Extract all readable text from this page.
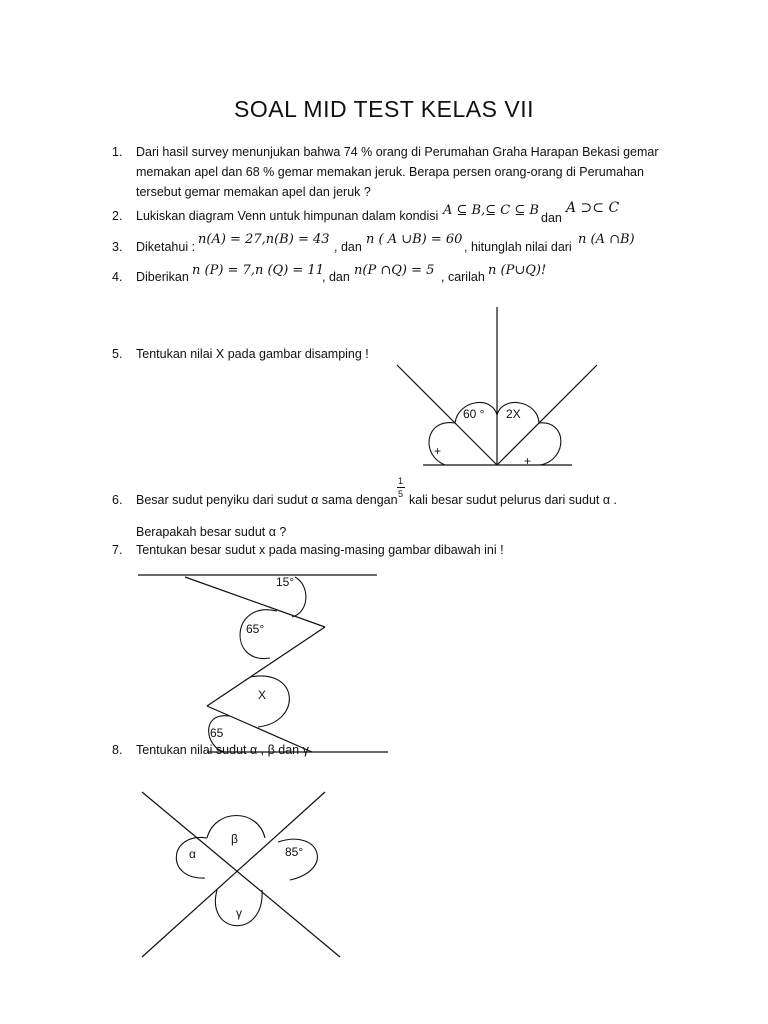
SOAL MID TEST KELAS VII
1. Dari hasil survey menunjukan bahwa 74 % orang di Perumahan Graha Harapan Bekasi gemar
memakan apel dan 68 % gemar memakan jeruk. Berapa persen orang-orang di Perumahan
tersebut gemar memakan apel dan jeruk ?
2. Lukiskan diagram Venn untuk himpunan dalam kondisi A ⊆ B,⊆ C ⊆ B dan
A ⊃⊂ C
3. Diketahui : n(A) = 27,n(B) = 43 , dan n ( A ∪B) = 60 , hitunglah nilai dari n (A ∩B)
4. Diberikan n (P) = 7,n (Q) = 11
, dan n(P ∩Q) = 5 , carilah n (P∪Q)!
5. Tentukan nilai X pada gambar disamping !
+
+
60 ° 2X
6. Besar sudut penyiku dari sudut α sama dengan
1
5 kali besar sudut pelurus dari sudut α .
Berapakah besar sudut α ?
7. Tentukan besar sudut x pada masing-masing gambar dibawah ini !
15°
65°
X
65
8. Tentukan nilai sudut α , β dan γ
β
α	85°
γ
